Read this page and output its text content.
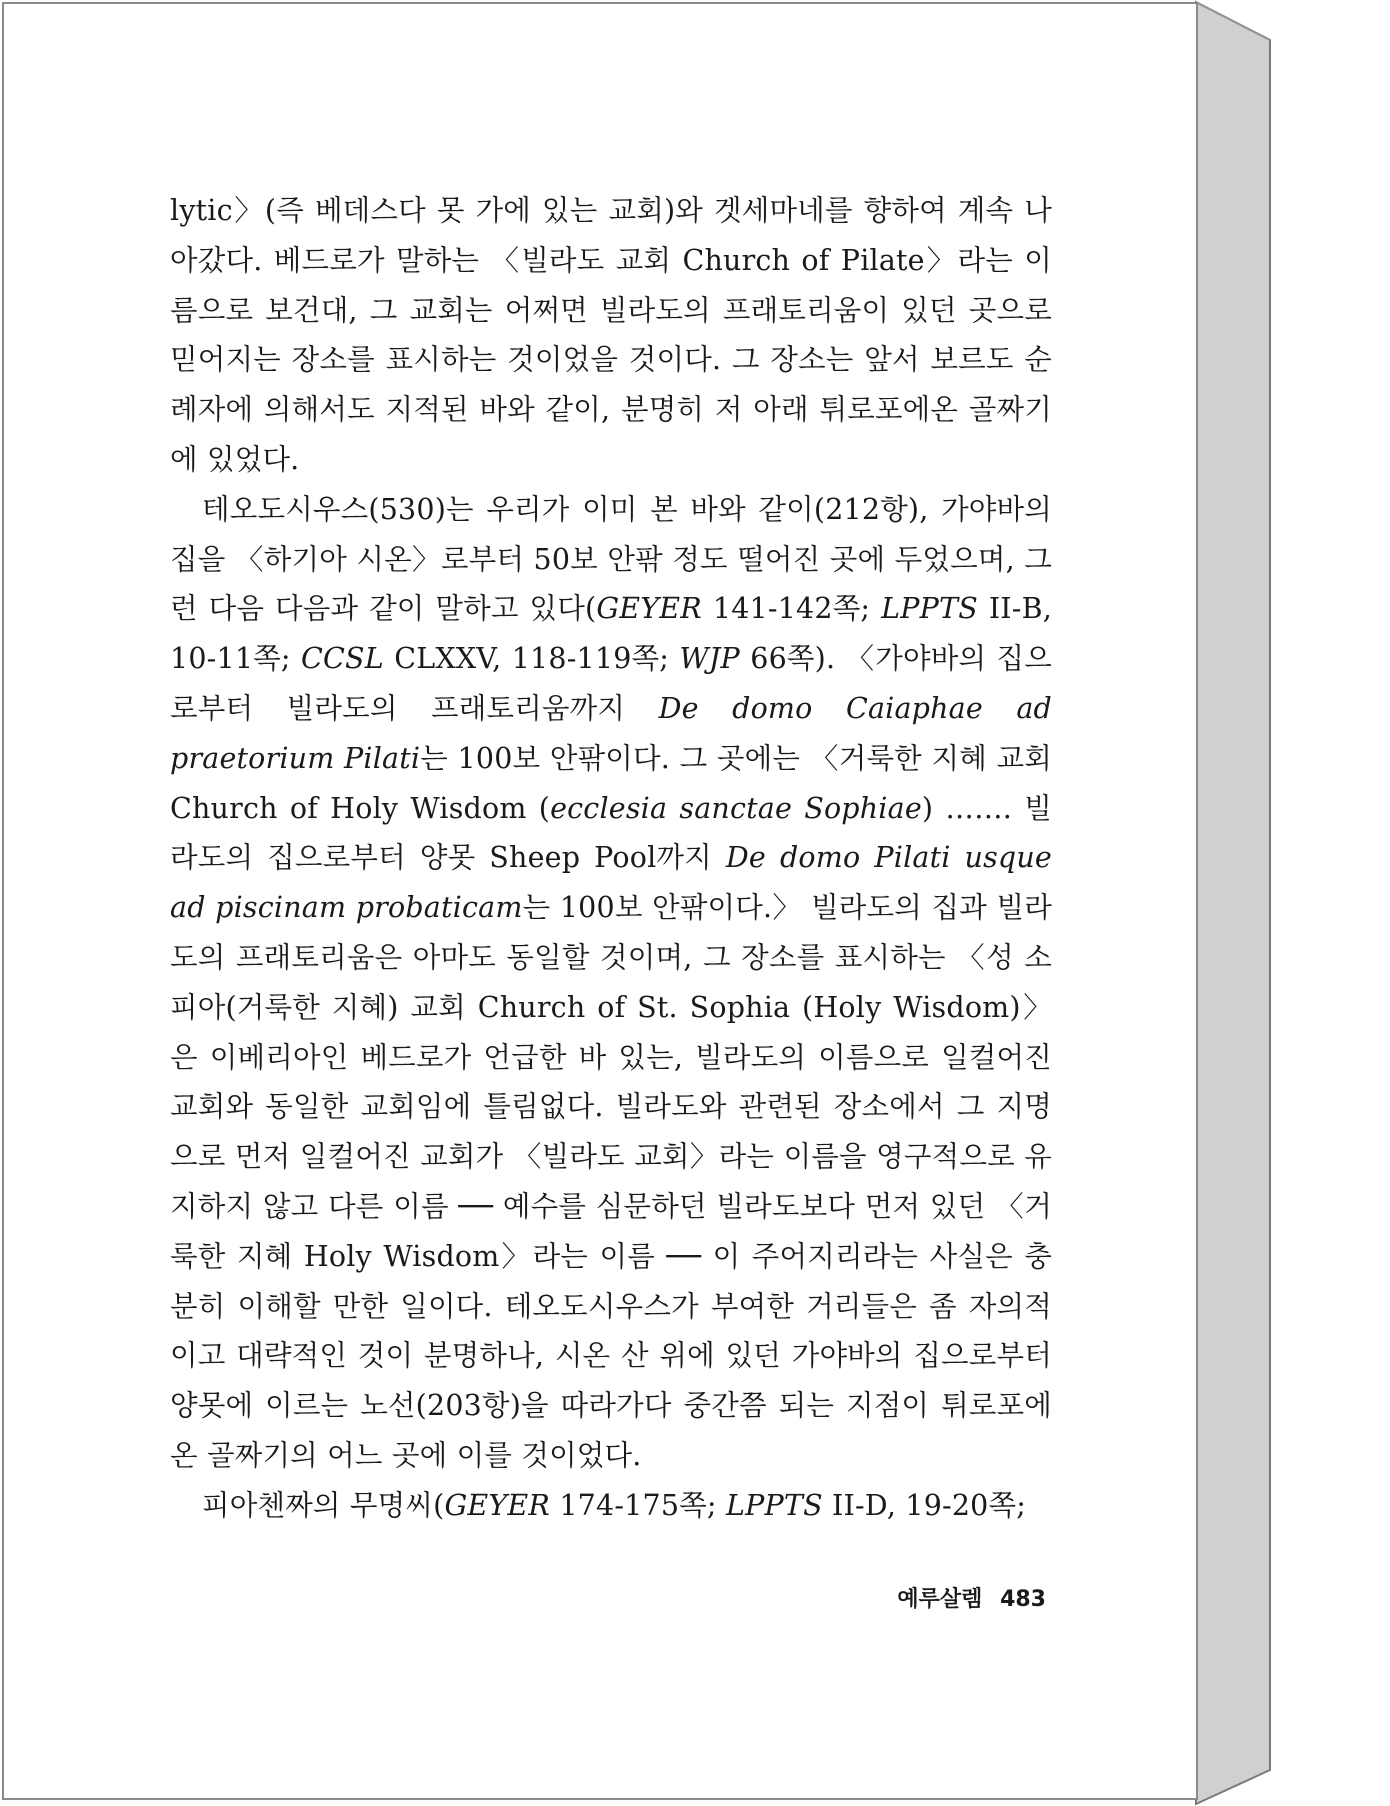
lytic〉(즉 베데스다 못 가에 있는 교회)와 겟세마네를 향하여 계속 나아갔다. 베드로가 말하는 〈빌라도 교회 Church of Pilate〉라는 이름으로 보건대, 그 교회는 어쩌면 빌라도의 프래토리움이 있던 곳으로 믿어지는 장소를 표시하는 것이었을 것이다. 그 장소는 앞서 보르도 순례자에 의해서도 지적된 바와 같이, 분명히 저 아래 튀로포에온 골짜기에 있었다.

테오도시우스(530)는 우리가 이미 본 바와 같이(212항), 가야바의 집을 〈하기아 시온〉로부터 50보 안팎 정도 떨어진 곳에 두었으며, 그런 다음 다음과 같이 말하고 있다(GEYER 141-142쪽; LPPTS II-B, 10-11쪽; CCSL CLXXV, 118-119쪽; WJP 66쪽). 〈가야바의 집으로부터 빌라도의 프래토리움까지 De domo Caiaphae ad praetorium Pilati는 100보 안팎이다. 그 곳에는 〈거룩한 지혜 교회 Church of Holy Wisdom (ecclesia sanctae Sophiae) ……. 빌라도의 집으로부터 양못 Sheep Pool까지 De domo Pilati usque ad piscinam probaticam는 100보 안팎이다.〉 빌라도의 집과 빌라도의 프래토리움은 아마도 동일할 것이며, 그 장소를 표시하는 〈성 소피아(거룩한 지혜) 교회 Church of St. Sophia (Holy Wisdom)〉은 이베리아인 베드로가 언급한 바 있는, 빌라도의 이름으로 일컬어진 교회와 동일한 교회임에 틀림없다. 빌라도와 관련된 장소에서 그 지명으로 먼저 일컬어진 교회가 〈빌라도 교회〉라는 이름을 영구적으로 유지하지 않고 다른 이름 ── 예수를 심문하던 빌라도보다 먼저 있던 〈거룩한 지혜 Holy Wisdom〉라는 이름 ── 이 주어지리라는 사실은 충분히 이해할 만한 일이다. 테오도시우스가 부여한 거리들은 좀 자의적이고 대략적인 것이 분명하나, 시온 산 위에 있던 가야바의 집으로부터 양못에 이르는 노선(203항)을 따라가다 중간쯤 되는 지점이 튀로포에온 골짜기의 어느 곳에 이를 것이었다.

피아첸짜의 무명씨(GEYER 174-175쪽; LPPTS II-D, 19-20쪽;

예루살렘 483
